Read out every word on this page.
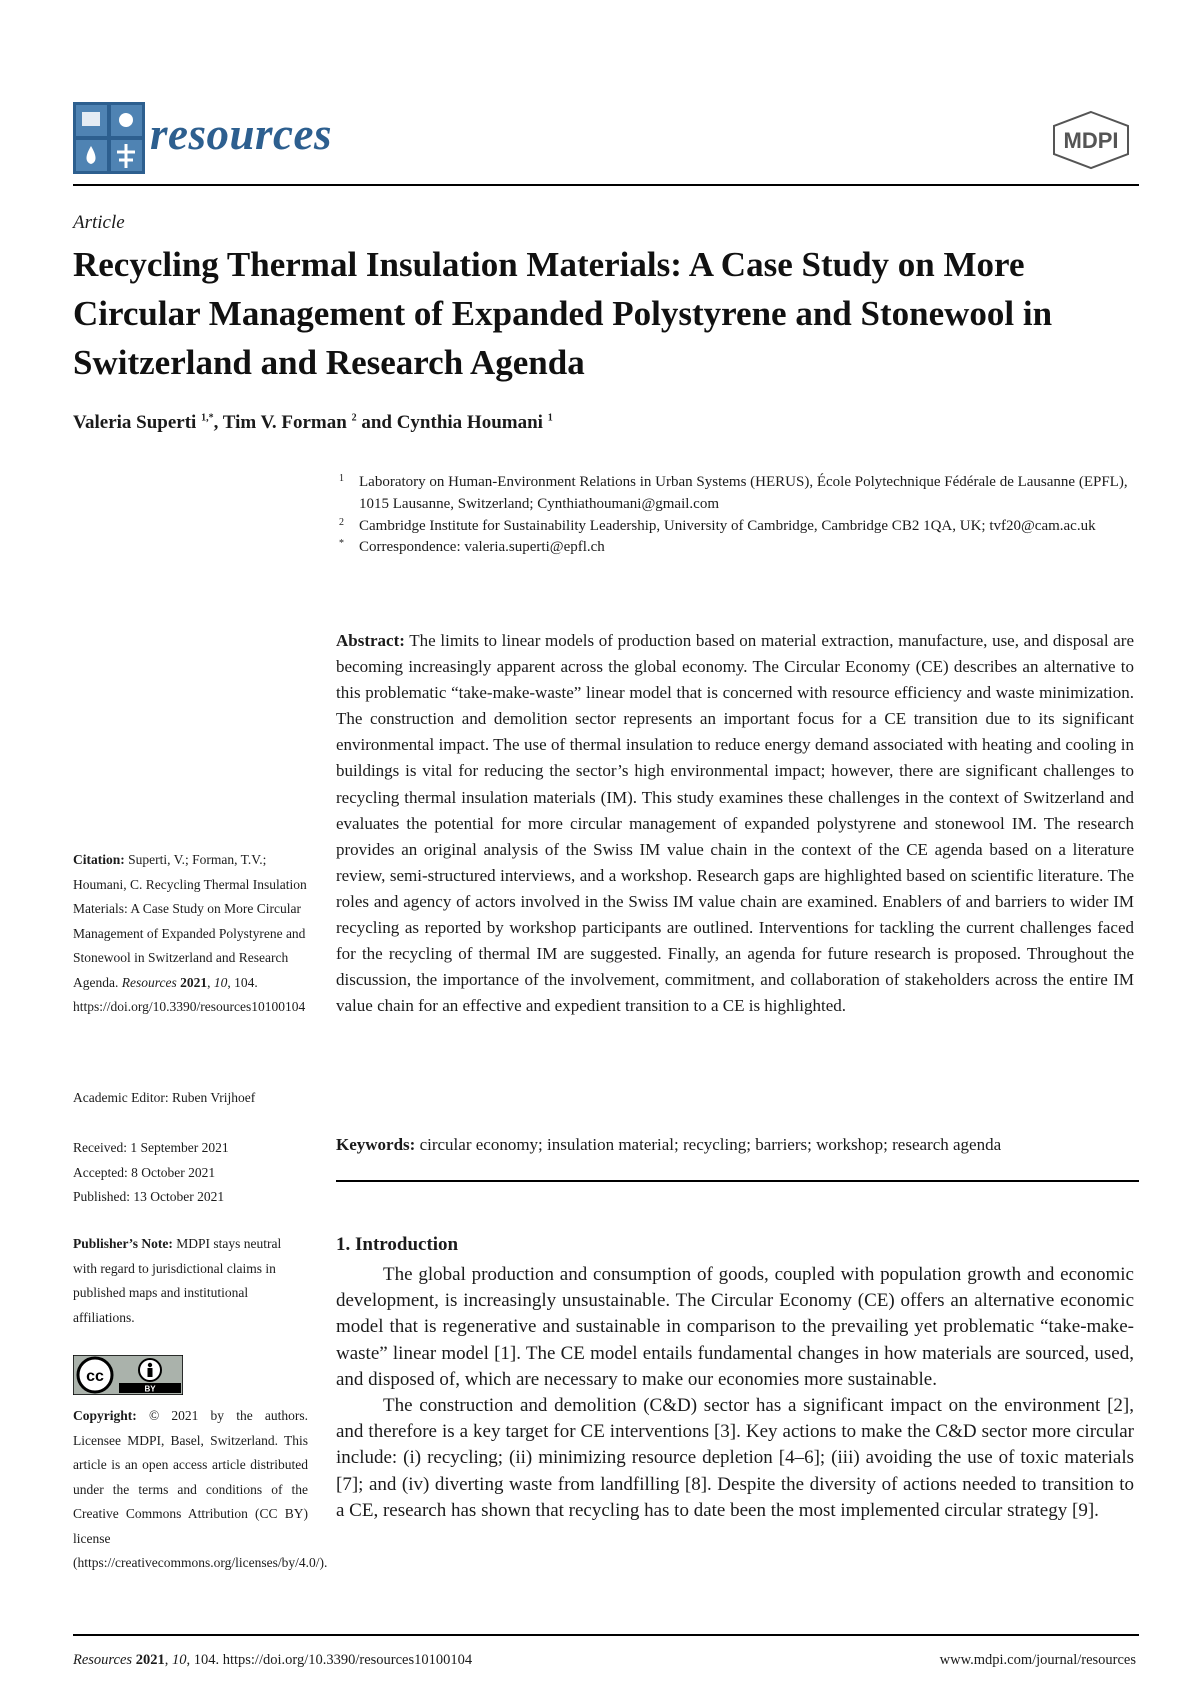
resources	MDPI
Article
Recycling Thermal Insulation Materials: A Case Study on More Circular Management of Expanded Polystyrene and Stonewool in Switzerland and Research Agenda
Valeria Superti $^{1,*}$, Tim V. Forman $^2$ and Cynthia Houmani $^1$
1 Laboratory on Human-Environment Relations in Urban Systems (HERUS), École Polytechnique Fédérale de Lausanne (EPFL), 1015 Lausanne, Switzerland; Cynthiathoumani@gmail.com
2 Cambridge Institute for Sustainability Leadership, University of Cambridge, Cambridge CB2 1QA, UK; tvf20@cam.ac.uk
* Correspondence: valeria.superti@epfl.ch
Abstract: The limits to linear models of production based on material extraction, manufacture, use, and disposal are becoming increasingly apparent across the global economy. The Circular Economy (CE) describes an alternative to this problematic “take-make-waste” linear model that is concerned with resource efficiency and waste minimization. The construction and demolition sector represents an important focus for a CE transition due to its significant environmental impact. The use of thermal insulation to reduce energy demand associated with heating and cooling in buildings is vital for reducing the sector’s high environmental impact; however, there are significant challenges to recycling thermal insulation materials (IM). This study examines these challenges in the context of Switzerland and evaluates the potential for more circular management of expanded polystyrene and stonewool IM. The research provides an original analysis of the Swiss IM value chain in the context of the CE agenda based on a literature review, semi-structured interviews, and a workshop. Research gaps are highlighted based on scientific literature. The roles and agency of actors involved in the Swiss IM value chain are examined. Enablers of and barriers to wider IM recycling as reported by workshop participants are outlined. Interventions for tackling the current challenges faced for the recycling of thermal IM are suggested. Finally, an agenda for future research is proposed. Throughout the discussion, the importance of the involvement, commitment, and collaboration of stakeholders across the entire IM value chain for an effective and expedient transition to a CE is highlighted.
Keywords: circular economy; insulation material; recycling; barriers; workshop; research agenda
1. Introduction

The global production and consumption of goods, coupled with population growth and economic development, is increasingly unsustainable. The Circular Economy (CE) offers an alternative economic model that is regenerative and sustainable in comparison to the prevailing yet problematic “take-make-waste” linear model [1]. The CE model entails fundamental changes in how materials are sourced, used, and disposed of, which are necessary to make our economies more sustainable.

The construction and demolition (C&D) sector has a significant impact on the environment [2], and therefore is a key target for CE interventions [3]. Key actions to make the C&D sector more circular include: (i) recycling; (ii) minimizing resource depletion [4–6]; (iii) avoiding the use of toxic materials [7]; and (iv) diverting waste from landfilling [8]. Despite the diversity of actions needed to transition to a CE, research has shown that recycling has to date been the most implemented circular strategy [9].

Citation: Superti, V.; Forman, T.V.; Houmani, C. Recycling Thermal Insulation Materials: A Case Study on More Circular Management of Expanded Polystyrene and Stonewool in Switzerland and Research Agenda. Resources 2021, 10, 104. https://doi.org/10.3390/resources10100104
Academic Editor: Ruben Vrijhoef
Received: 1 September 2021
Accepted: 8 October 2021
Published: 13 October 2021
Publisher’s Note: MDPI stays neutral with regard to jurisdictional claims in published maps and institutional affiliations.
cc
BY
Copyright: © 2021 by the authors. Licensee MDPI, Basel, Switzerland. This article is an open access article distributed under the terms and conditions of the Creative Commons Attribution (CC BY) license (https://creativecommons.org/licenses/by/4.0/).
Resources 2021, 10, 104. https://doi.org/10.3390/resources10100104	www.mdpi.com/journal/resources
